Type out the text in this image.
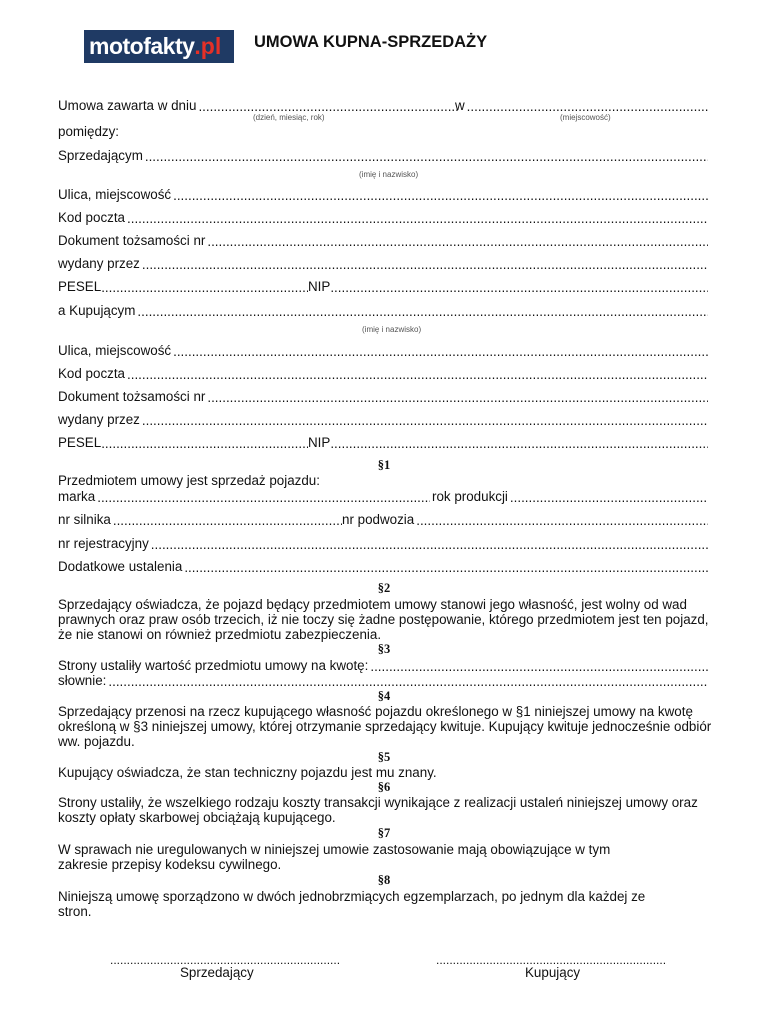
motofakty .pl UMOWA KUPNA-SPRZEDAŻY
Umowa zawarta w dniu .....	w
.....
(dzień, miesiąc, rok)	(miejscowość)
pomiędzy:
Sprzedającym
.....
(imię i nazwisko)
Ulica, miejscowość
.....
Kod poczta
.....
Dokument tożsamości nr
.....
wydany przez
.....
PESEL .....	NIP
.....
a Kupującym
.....
(imię i nazwisko)
Ulica, miejscowość
.....
Kod poczta
.....
Dokument tożsamości nr
.....
wydany przez
.....
PESEL .....	NIP
.....
§1
Przedmiotem umowy jest sprzedaż pojazdu:
marka .....	rok produkcji
.....
nr silnika .....	nr podwozia
.....
nr rejestracyjny
.....
Dodatkowe ustalenia
.....
§2
Sprzedający oświadcza, że pojazd będący przedmiotem umowy stanowi jego własność, jest wolny od wad prawnych oraz praw osób trzecich, iż nie toczy się żadne postępowanie, którego przedmiotem jest ten pojazd, że nie stanowi on również przedmiotu zabezpieczenia.
§3
Strony ustaliły wartość przedmiotu umowy na kwotę:
.....
słownie:
.....
§4
Sprzedający przenosi na rzecz kupującego własność pojazdu określonego w §1 niniejszej umowy na kwotę określoną w §3 niniejszej umowy, której otrzymanie sprzedający kwituje. Kupujący kwituje jednocześnie odbiór ww. pojazdu.
§5
Kupujący oświadcza, że stan techniczny pojazdu jest mu znany.
§6
Strony ustaliły, że wszelkiego rodzaju koszty transakcji wynikające z realizacji ustaleń niniejszej umowy oraz koszty opłaty skarbowej obciążają kupującego.
§7
W sprawach nie uregulowanych w niniejszej umowie zastosowanie mają obowiązujące w tym zakresie przepisy kodeksu cywilnego.
§8
Niniejszą umowę sporządzono w dwóch jednobrzmiących egzemplarzach, po jednym dla każdej ze stron.
.....................................................................
Sprzedający
.....................................................................
Kupujący
